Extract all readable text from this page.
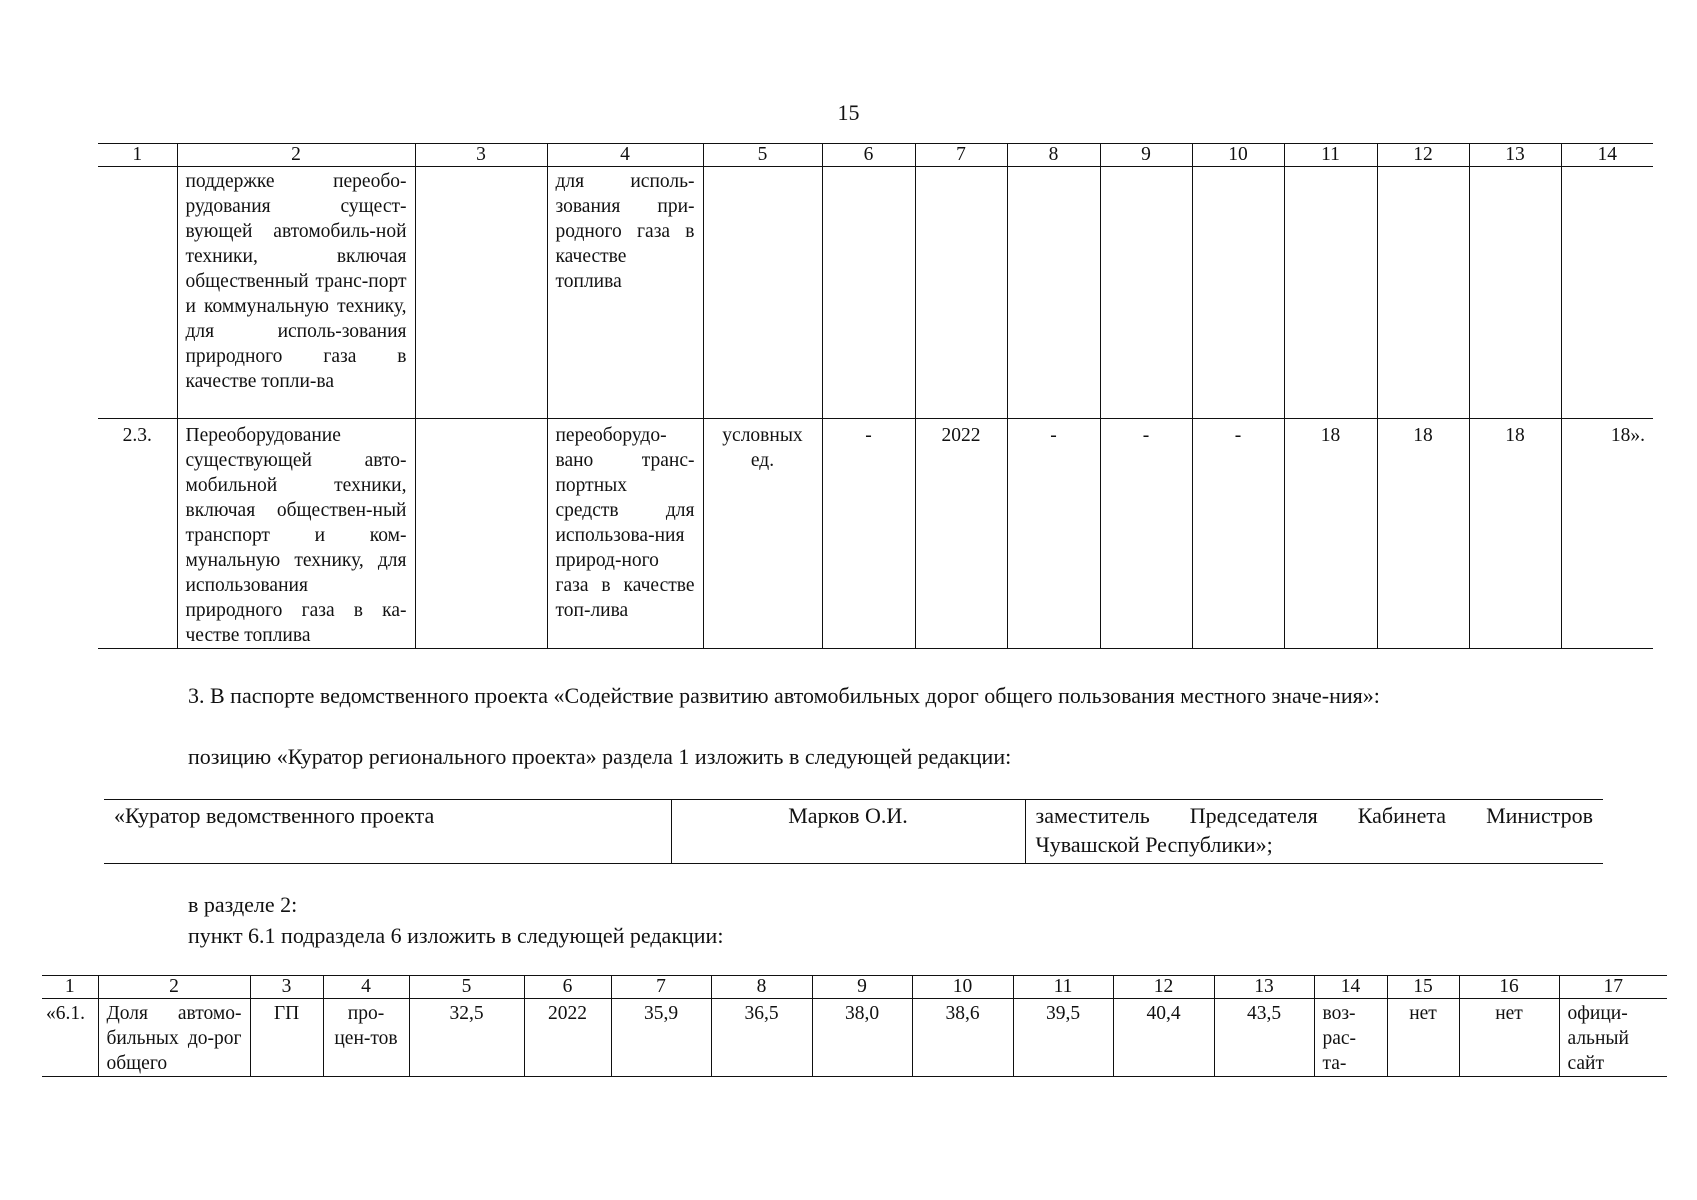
15
1	2	3	4	5	6	7	8	9	10	11	12	13	14
	поддержке переобо-рудования сущест-вующей автомобиль-ной техники, включая общественный транс-порт и коммунальную технику, для исполь-зования природного газа в качестве топли-ва		для исполь-зования при-родного газа в качестве топлива										
2.3.	Переоборудование существующей авто-мобильной техники, включая обществен-ный транспорт и ком-мунальную технику, для использования природного газа в ка-честве топлива		переоборудо-вано транс-портных средств для использова-ния природ-ного газа в качестве топ-лива	условных ед.	-	2022	-	-	-	18	18	18	18».
3. В паспорте ведомственного проекта «Содействие развитию автомобильных дорог общего пользования местного значе-ния»:
позицию «Куратор регионального проекта» раздела 1 изложить в следующей редакции:
«Куратор ведомственного проекта	Марков О.И.	заместитель Председателя Кабинета Министров Чувашской Республики»;
в разделе 2:
пункт 6.1 подраздела 6 изложить в следующей редакции:
1	2	3	4	5	6	7	8	9	10	11	12	13	14	15	16	17
«6.1.	Доля автомо-бильных до-рог общего	ГП	про-цен-тов	32,5	2022	35,9	36,5	38,0	38,6	39,5	40,4	43,5	воз-рас-та-	нет	нет	офици-альный сайт
